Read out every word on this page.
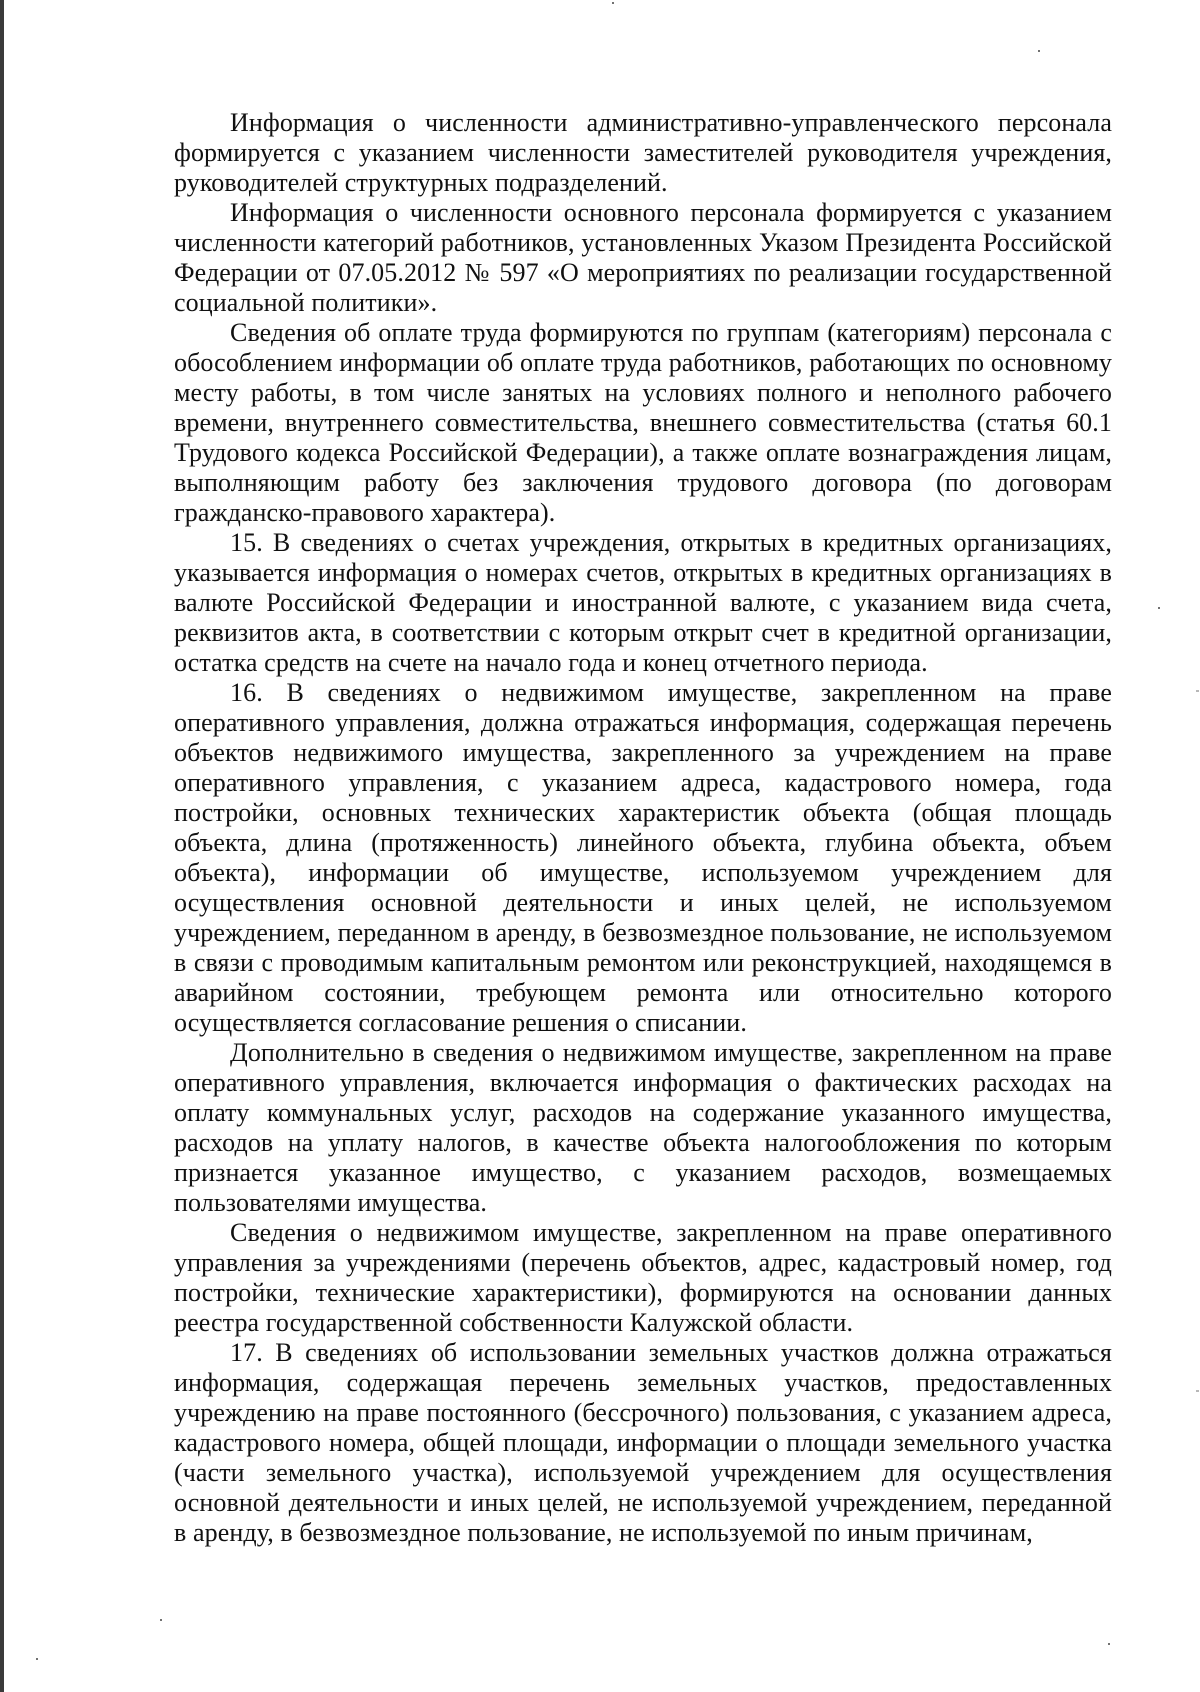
Информация о численности административно-управленческого персонала формируется с указанием численности заместителей руководителя учреждения, руководителей структурных подразделений.

Информация о численности основного персонала формируется с указанием численности категорий работников, установленных Указом Президента Российской Федерации от 07.05.2012 № 597 «О мероприятиях по реализации государственной социальной политики».

Сведения об оплате труда формируются по группам (категориям) персонала с обособлением информации об оплате труда работников, работающих по основному месту работы, в том числе занятых на условиях полного и неполного рабочего времени, внутреннего совместительства, внешнего совместительства (статья 60.1 Трудового кодекса Российской Федерации), а также оплате вознаграждения лицам, выполняющим работу без заключения трудового договора (по договорам гражданско-правового характера).

15. В сведениях о счетах учреждения, открытых в кредитных организациях, указывается информация о номерах счетов, открытых в кредитных организациях в валюте Российской Федерации и иностранной валюте, с указанием вида счета, реквизитов акта, в соответствии с которым открыт счет в кредитной организации, остатка средств на счете на начало года и конец отчетного периода.

16. В сведениях о недвижимом имуществе, закрепленном на праве оперативного управления, должна отражаться информация, содержащая перечень объектов недвижимого имущества, закрепленного за учреждением на праве оперативного управления, с указанием адреса, кадастрового номера, года постройки, основных технических характеристик объекта (общая площадь объекта, длина (протяженность) линейного объекта, глубина объекта, объем объекта), информации об имуществе, используемом учреждением для осуществления основной деятельности и иных целей, не используемом учреждением, переданном в аренду, в безвозмездное пользование, не используемом в связи с проводимым капитальным ремонтом или реконструкцией, находящемся в аварийном состоянии, требующем ремонта или относительно которого осуществляется согласование решения о списании.

Дополнительно в сведения о недвижимом имуществе, закрепленном на праве оперативного управления, включается информация о фактических расходах на оплату коммунальных услуг, расходов на содержание указанного имущества, расходов на уплату налогов, в качестве объекта налогообложения по которым признается указанное имущество, с указанием расходов, возмещаемых пользователями имущества.

Сведения о недвижимом имуществе, закрепленном на праве оперативного управления за учреждениями (перечень объектов, адрес, кадастровый номер, год постройки, технические характеристики), формируются на основании данных реестра государственной собственности Калужской области.

17. В сведениях об использовании земельных участков должна отражаться информация, содержащая перечень земельных участков, предоставленных учреждению на праве постоянного (бессрочного) пользования, с указанием адреса, кадастрового номера, общей площади, информации о площади земельного участка (части земельного участка), используемой учреждением для осуществления основной деятельности и иных целей, не используемой учреждением, переданной в аренду, в безвозмездное пользование, не используемой по иным причинам,
